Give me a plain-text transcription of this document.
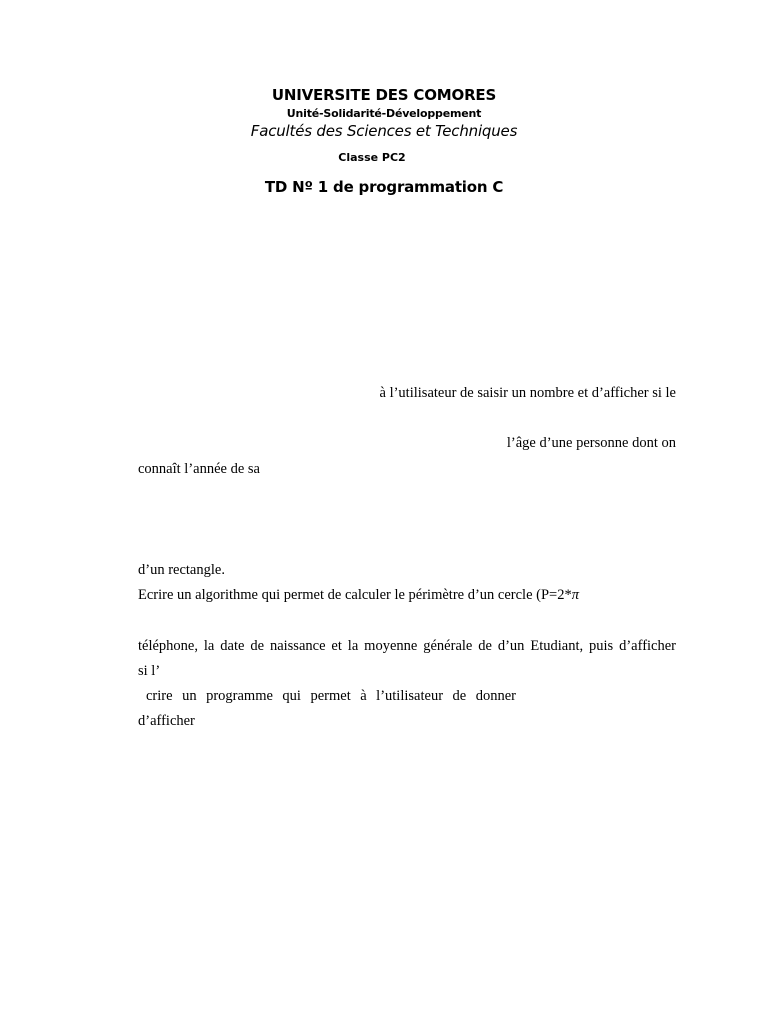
UNIVERSITE DES COMORES
Unité-Solidarité-Développement
Facultés des Sciences et Techniques
Classe PC2
TD Nº 1 de programmation C
à l’utilisateur de saisir un nombre et d’afficher si le
l’âge d’une personne dont on
connaît l’année de sa
d’un rectangle.
Ecrire un algorithme qui permet de calculer le périmètre d’un cercle (P=2*π
téléphone, la date de naissance et la moyenne générale de d’un Etudiant, puis d’afficher
si l’
crire un programme qui permet à l’utilisateur de donner
d’afficher
